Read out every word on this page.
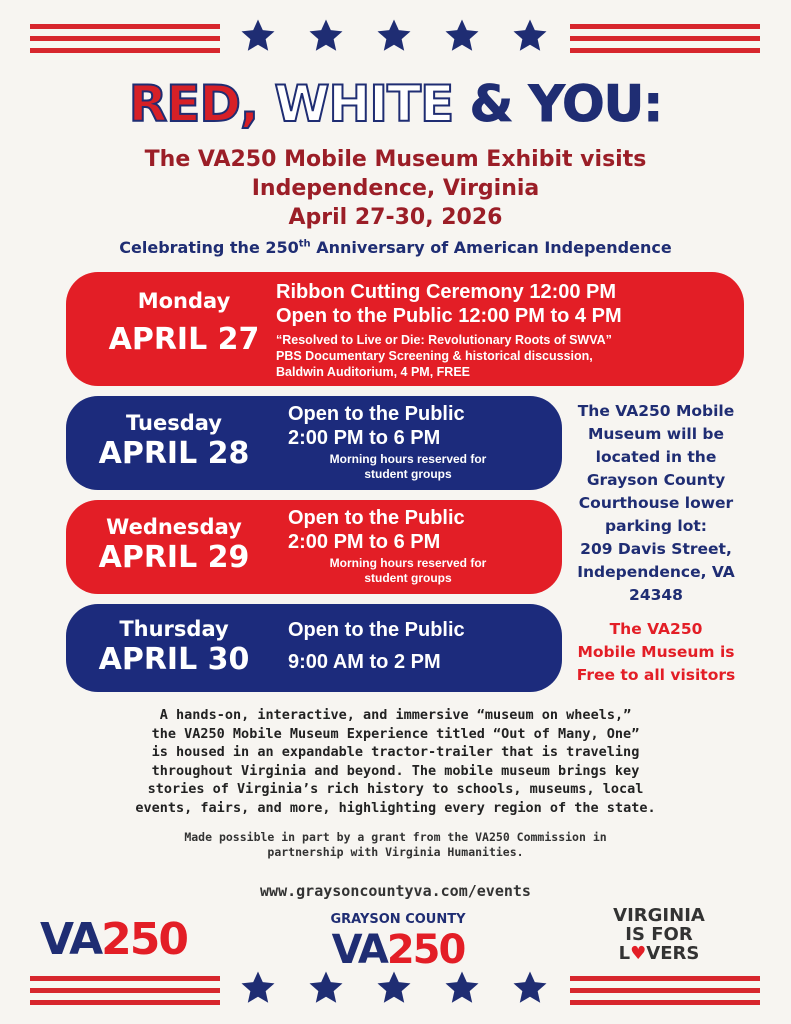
RED, WHITE & YOU:
The VA250 Mobile Museum Exhibit visits
Independence, Virginia
April 27-30, 2026
Celebrating the 250th Anniversary of American Independence
Monday
APRIL 27
Ribbon Cutting Ceremony 12:00 PM
Open to the Public 12:00 PM to 4 PM
“Resolved to Live or Die: Revolutionary Roots of SWVA”
PBS Documentary Screening & historical discussion,
Baldwin Auditorium, 4 PM, FREE
Tuesday
APRIL 28
Open to the Public
2:00 PM to 6 PM
Morning hours reserved for
student groups
Wednesday
APRIL 29
Open to the Public
2:00 PM to 6 PM
Morning hours reserved for
student groups
Thursday
APRIL 30
Open to the Public
9:00 AM to 2 PM
The VA250 Mobile
Museum will be
located in the
Grayson County
Courthouse lower
parking lot:
209 Davis Street,
Independence, VA
24348
The VA250
Mobile Museum is
Free to all visitors
A hands-on, interactive, and immersive “museum on wheels,”
the VA250 Mobile Museum Experience titled “Out of Many, One”
is housed in an expandable tractor-trailer that is traveling
throughout Virginia and beyond. The mobile museum brings key
stories of Virginia’s rich history to schools, museums, local
events, fairs, and more, highlighting every region of the state.
Made possible in part by a grant from the VA250 Commission in
partnership with Virginia Humanities.
www.graysoncountyva.com/events
VA250	GRAYSON COUNTY
VA250
VIRGINIA
IS FOR
L♥VERS
